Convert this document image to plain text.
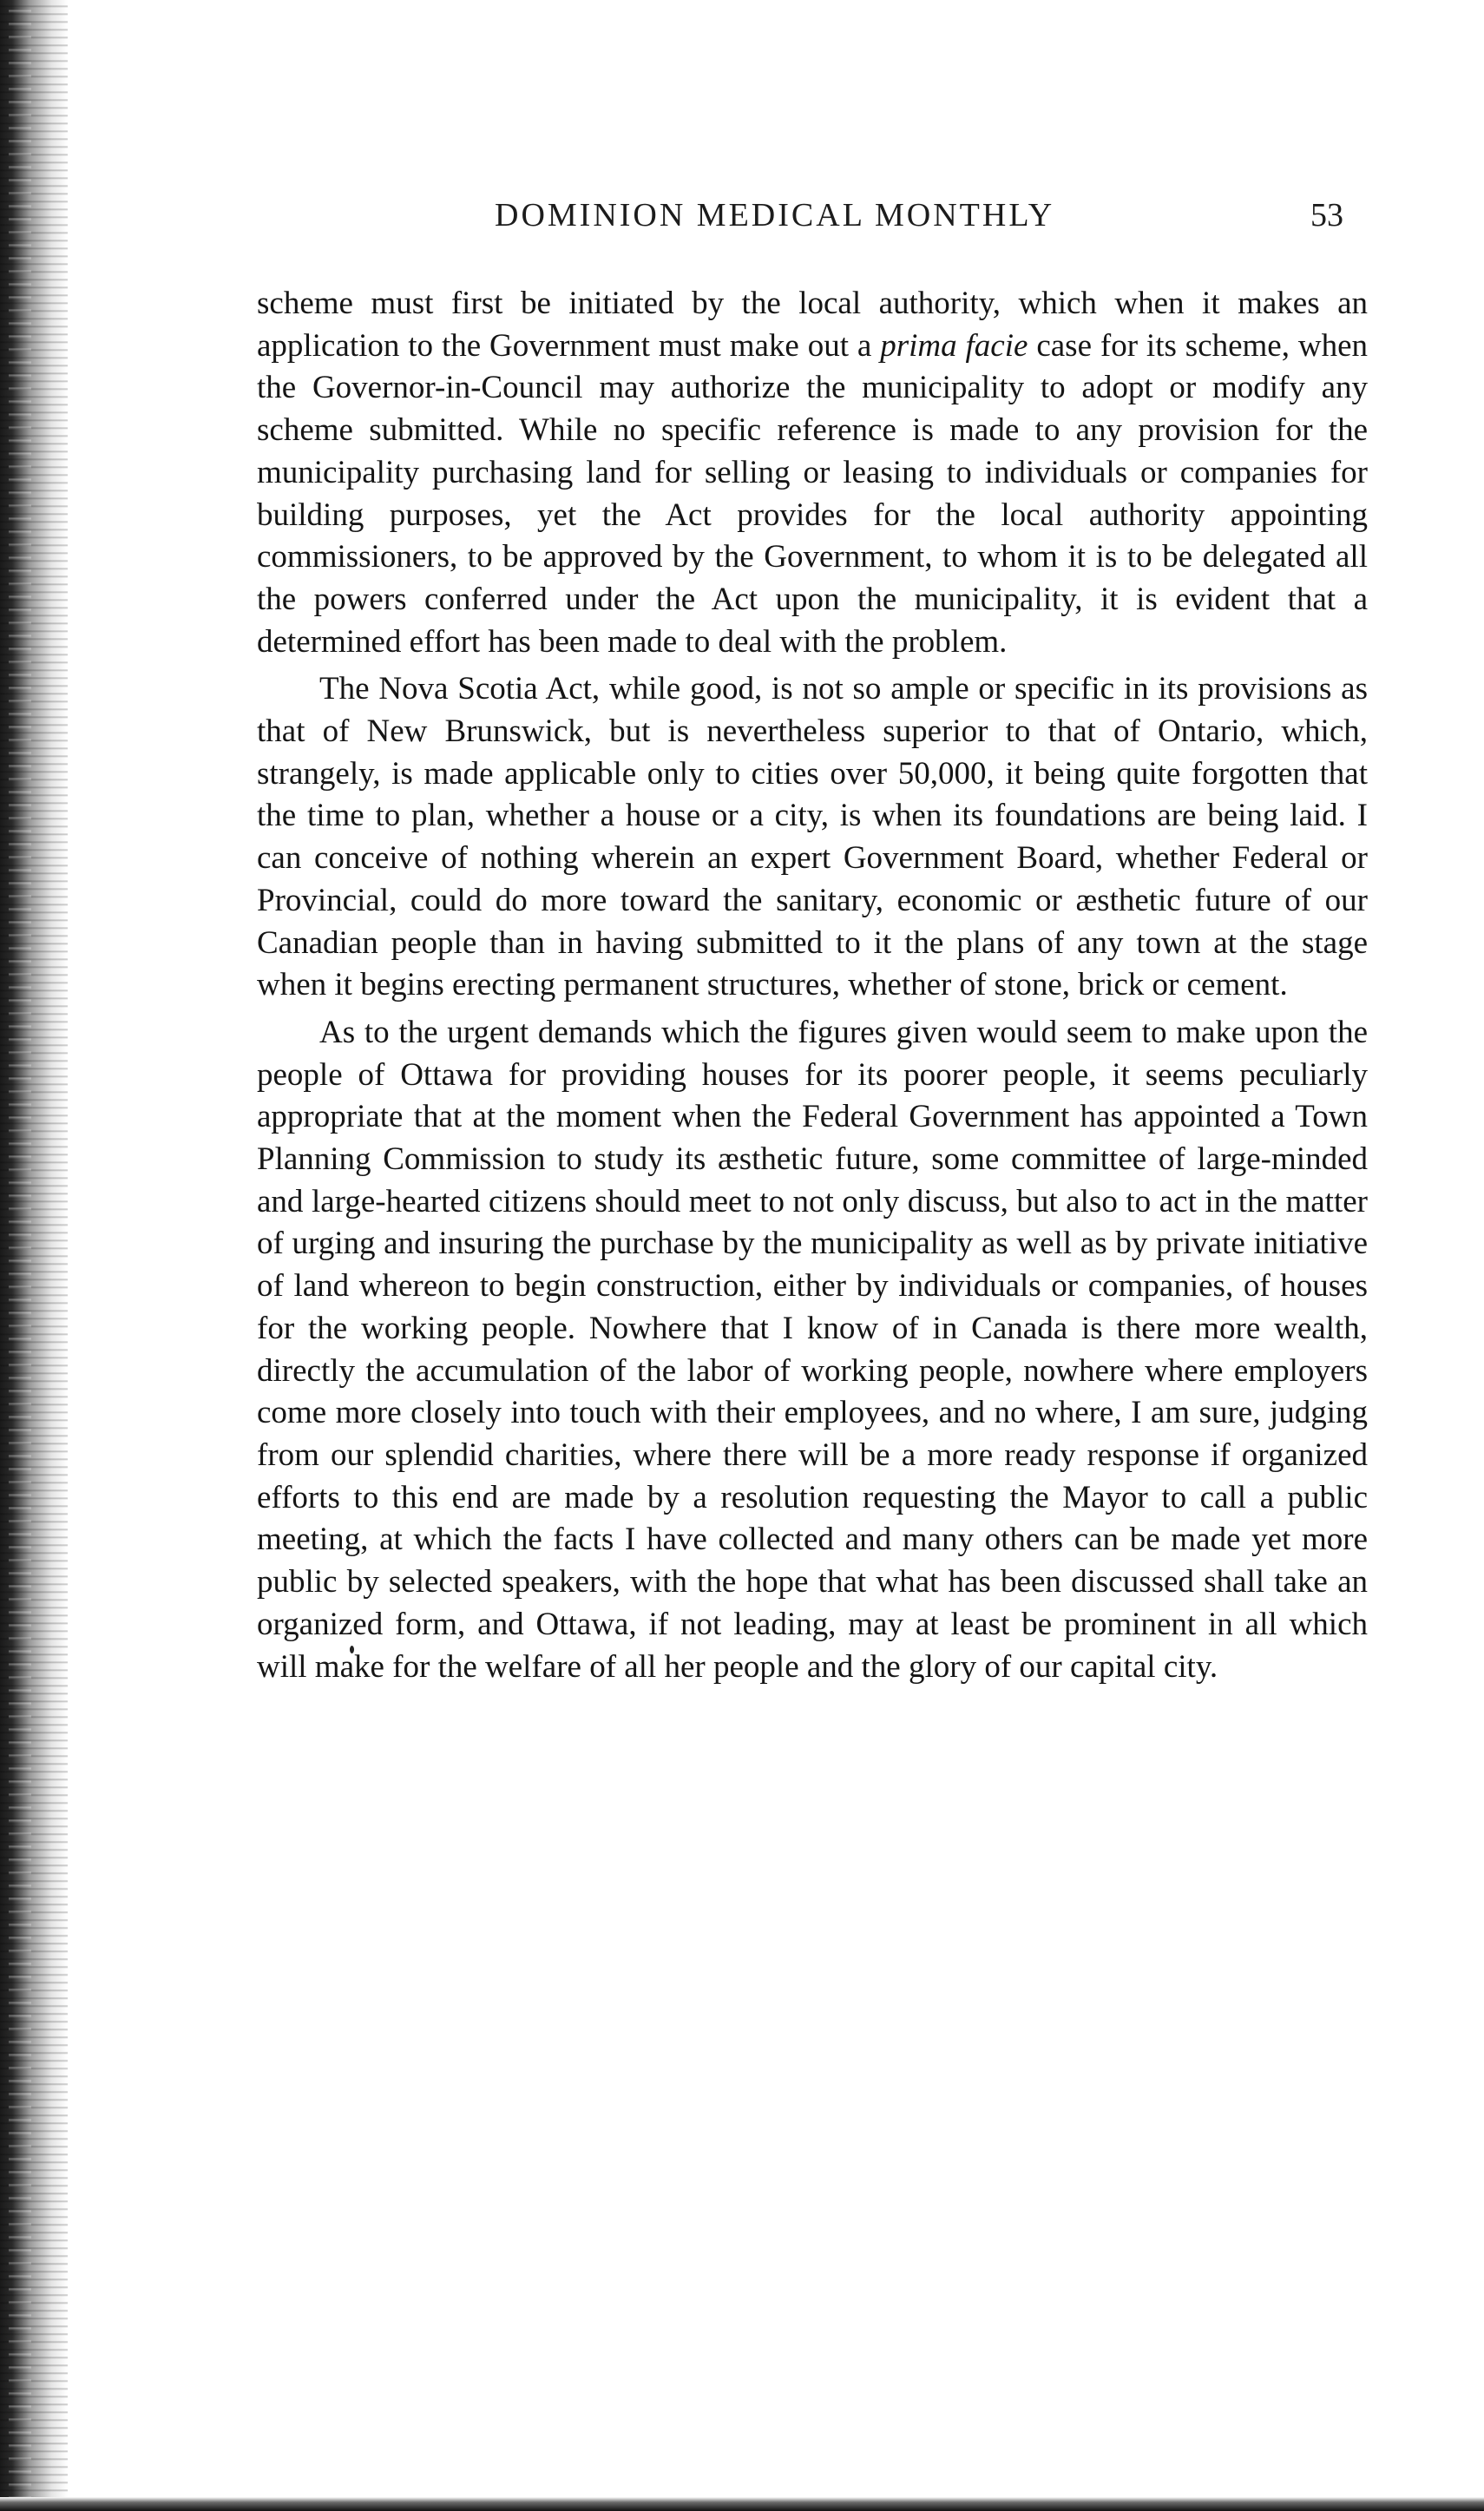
DOMINION MEDICAL MONTHLY	53

scheme must first be initiated by the local authority, which when it makes an application to the Government must make out a prima facie case for its scheme, when the Governor-in-Council may authorize the municipality to adopt or modify any scheme submitted. While no specific reference is made to any provision for the municipality purchasing land for selling or leasing to individuals or companies for building purposes, yet the Act provides for the local authority appointing commissioners, to be approved by the Government, to whom it is to be delegated all the powers conferred under the Act upon the municipality, it is evident that a determined effort has been made to deal with the problem.

The Nova Scotia Act, while good, is not so ample or specific in its provisions as that of New Brunswick, but is nevertheless superior to that of Ontario, which, strangely, is made applicable only to cities over 50,000, it being quite forgotten that the time to plan, whether a house or a city, is when its foundations are being laid. I can conceive of nothing wherein an expert Government Board, whether Federal or Provincial, could do more toward the sanitary, economic or æsthetic future of our Canadian people than in having submitted to it the plans of any town at the stage when it begins erecting permanent structures, whether of stone, brick or cement.

As to the urgent demands which the figures given would seem to make upon the people of Ottawa for providing houses for its poorer people, it seems peculiarly appropriate that at the moment when the Federal Government has appointed a Town Planning Commission to study its æsthetic future, some committee of large-minded and large-hearted citizens should meet to not only discuss, but also to act in the matter of urging and insuring the purchase by the municipality as well as by private initiative of land whereon to begin construction, either by individuals or companies, of houses for the working people. Nowhere that I know of in Canada is there more wealth, directly the accumulation of the labor of working people, nowhere where employers come more closely into touch with their employees, and no where, I am sure, judging from our splendid charities, where there will be a more ready response if organized efforts to this end are made by a resolution requesting the Mayor to call a public meeting, at which the facts I have collected and many others can be made yet more public by selected speakers, with the hope that what has been discussed shall take an organized form, and Ottawa, if not leading, may at least be prominent in all which will make for the welfare of all her people and the glory of our capital city.
